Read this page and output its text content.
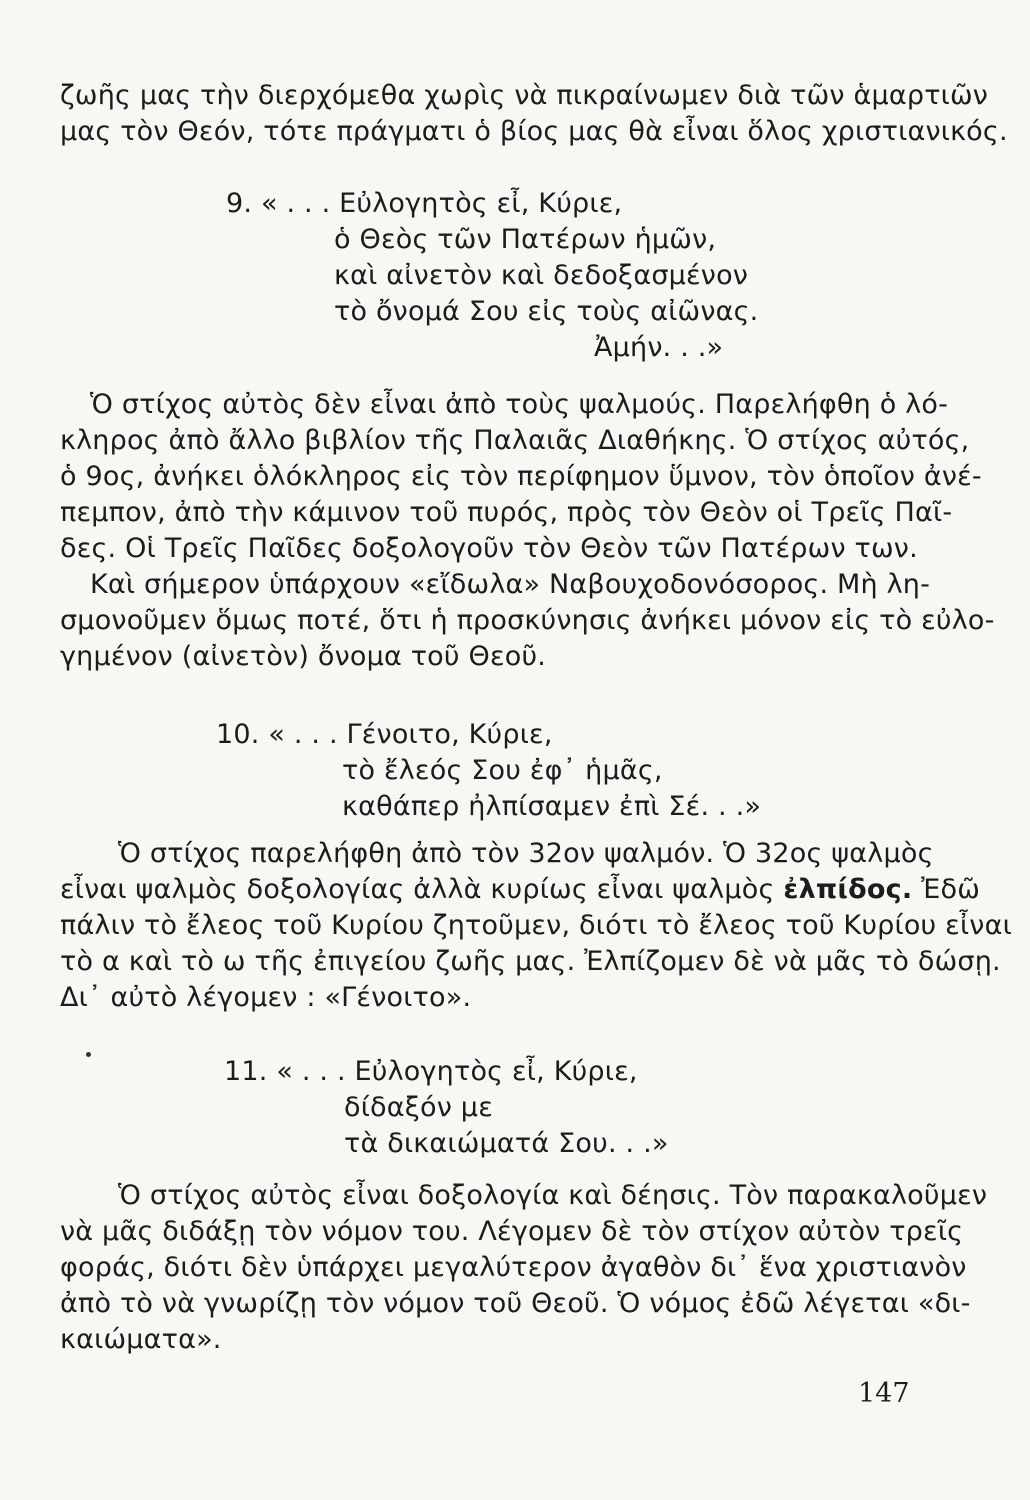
ζωῆς μας τὴν διερχόμεθα χωρὶς νὰ πικραίνωμεν διὰ τῶν ἁμαρτιῶν
μας τὸν Θεόν, τότε πράγματι ὁ βίος μας θὰ εἶναι ὅλος χριστιανικός.
9. « . . . Εὐλογητὸς εἶ, Κύριε,
ὁ Θεὸς τῶν Πατέρων ἡμῶν,
καὶ αἰνετὸν καὶ δεδοξασμένον
τὸ ὄνομά Σου εἰς τοὺς αἰῶνας.
Ἀμήν. . .»
Ὁ στίχος αὐτὸς δὲν εἶναι ἀπὸ τοὺς ψαλμούς. Παρελήφθη ὁ λό-
κληρος ἀπὸ ἄλλο βιβλίον τῆς Παλαιᾶς Διαθήκης. Ὁ στίχος αὐτός,
ὁ 9ος, ἀνήκει ὁλόκληρος εἰς τὸν περίφημον ὕμνον, τὸν ὁποῖον ἀνέ-
πεμπον, ἀπὸ τὴν κάμινον τοῦ πυρός, πρὸς τὸν Θεὸν οἱ Τρεῖς Παῖ-
δες. Οἱ Τρεῖς Παῖδες δοξολογοῦν τὸν Θεὸν τῶν Πατέρων των.
Καὶ σήμερον ὑπάρχουν «εἴδωλα» Ναβουχοδονόσορος. Μὴ λη-
σμονοῦμεν ὅμως ποτέ, ὅτι ἡ προσκύνησις ἀνήκει μόνον εἰς τὸ εὐλο-
γημένον (αἰνετὸν) ὄνομα τοῦ Θεοῦ.
10. « . . . Γένοιτο, Κύριε,
τὸ ἔλεός Σου ἐφ᾽ ἡμᾶς,
καθάπερ ἠλπίσαμεν ἐπὶ Σέ. . .»
Ὁ στίχος παρελήφθη ἀπὸ τὸν 32ον ψαλμόν. Ὁ 32ος ψαλμὸς
εἶναι ψαλμὸς δοξολογίας ἀλλὰ κυρίως εἶναι ψαλμὸς ἐλπίδος. Ἐδῶ
πάλιν τὸ ἔλεος τοῦ Κυρίου ζητοῦμεν, διότι τὸ ἔλεος τοῦ Κυρίου εἶναι
τὸ α καὶ τὸ ω τῆς ἐπιγείου ζωῆς μας. Ἐλπίζομεν δὲ νὰ μᾶς τὸ δώσῃ.
Δι᾽ αὐτὸ λέγομεν : «Γένοιτο».
11. « . . . Εὐλογητὸς εἶ, Κύριε,
δίδαξόν με
τὰ δικαιώματά Σου. . .»
Ὁ στίχος αὐτὸς εἶναι δοξολογία καὶ δέησις. Τὸν παρακαλοῦμεν
νὰ μᾶς διδάξῃ τὸν νόμον του. Λέγομεν δὲ τὸν στίχον αὐτὸν τρεῖς
φοράς, διότι δὲν ὑπάρχει μεγαλύτερον ἀγαθὸν δι᾽ ἕνα χριστιανὸν
ἀπὸ τὸ νὰ γνωρίζῃ τὸν νόμον τοῦ Θεοῦ. Ὁ νόμος ἐδῶ λέγεται «δι-
καιώματα».
147
